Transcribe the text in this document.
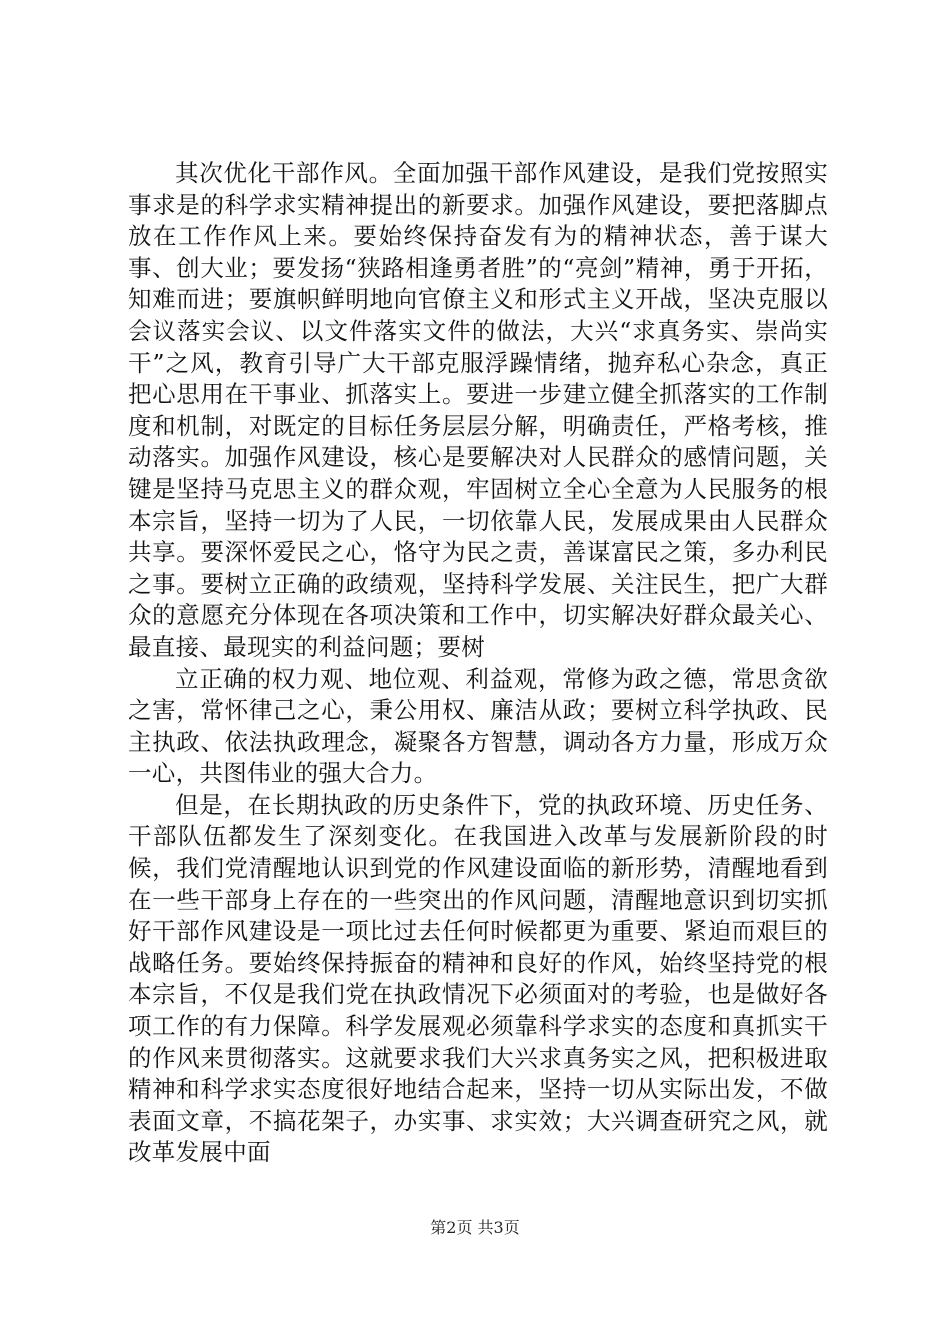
其次优化干部作风。全面加强干部作风建设，是我们党按照实事求是的科学求实精神提出的新要求。加强作风建设，要把落脚点放在工作作风上来。要始终保持奋发有为的精神状态，善于谋大事、创大业；要发扬“狭路相逢勇者胜”的“亮剑”精神，勇于开拓，知难而进；要旗帜鲜明地向官僚主义和形式主义开战，坚决克服以会议落实会议、以文件落实文件的做法，大兴“求真务实、崇尚实干”之风，教育引导广大干部克服浮躁情绪，抛弃私心杂念，真正把心思用在干事业、抓落实上。要进一步建立健全抓落实的工作制度和机制，对既定的目标任务层层分解，明确责任，严格考核，推动落实。加强作风建设，核心是要解决对人民群众的感情问题，关键是坚持马克思主义的群众观，牢固树立全心全意为人民服务的根本宗旨，坚持一切为了人民，一切依靠人民，发展成果由人民群众共享。要深怀爱民之心，恪守为民之责，善谋富民之策，多办利民之事。要树立正确的政绩观，坚持科学发展、关注民生，把广大群众的意愿充分体现在各项决策和工作中，切实解决好群众最关心、最直接、最现实的利益问题；要树

立正确的权力观、地位观、利益观，常修为政之德，常思贪欲之害，常怀律己之心，秉公用权、廉洁从政；要树立科学执政、民主执政、依法执政理念，凝聚各方智慧，调动各方力量，形成万众一心，共图伟业的强大合力。

但是，在长期执政的历史条件下，党的执政环境、历史任务、干部队伍都发生了深刻变化。在我国进入改革与发展新阶段的时候，我们党清醒地认识到党的作风建设面临的新形势，清醒地看到在一些干部身上存在的一些突出的作风问题，清醒地意识到切实抓好干部作风建设是一项比过去任何时候都更为重要、紧迫而艰巨的战略任务。要始终保持振奋的精神和良好的作风，始终坚持党的根本宗旨，不仅是我们党在执政情况下必须面对的考验，也是做好各项工作的有力保障。科学发展观必须靠科学求实的态度和真抓实干的作风来贯彻落实。这就要求我们大兴求真务实之风，把积极进取精神和科学求实态度很好地结合起来，坚持一切从实际出发，不做表面文章，不搞花架子，办实事、求实效；大兴调查研究之风，就改革发展中面

第2页 共3页
